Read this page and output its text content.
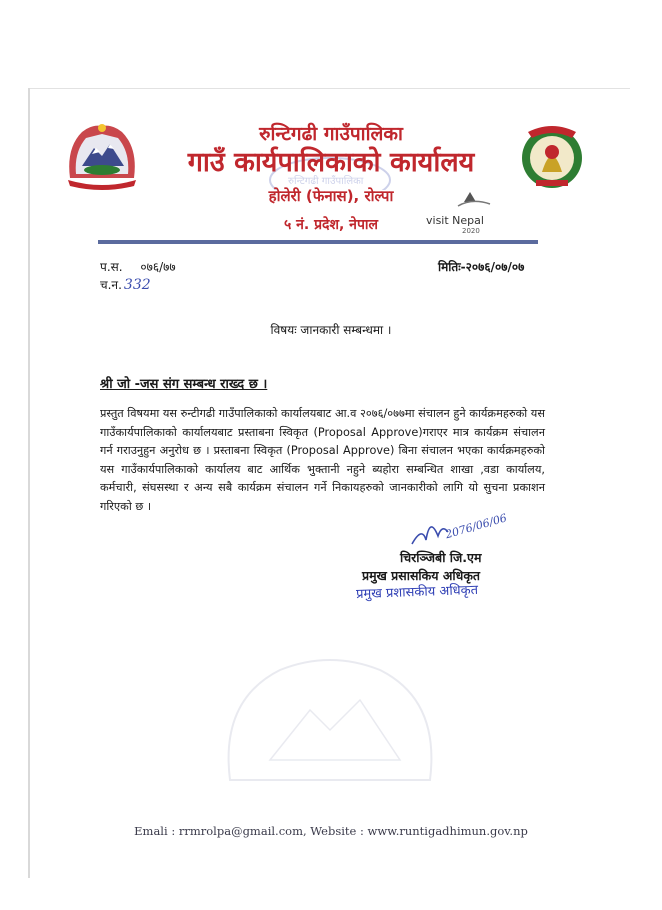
रुन्टिगढी गाउँपालिका
रुन्टिगढी गाउँपालिका
गाउँ कार्यपालिकाको कार्यालय
होलेरी (फेनास), रोल्पा
५ नं. प्रदेश, नेपाल	visit Nepal
2020
प.स. ०७६/७७
च.न. 332
मितिः-२०७६/०७/०७
विषयः जानकारी सम्बन्धमा ।
श्री जो -जस संग सम्बन्ध राख्द छ ।
प्रस्तुत विषयमा यस रुन्टीगढी गाउँपालिकाको कार्यालयबाट आ.व २०७६/०७७मा संचालन हुने कार्यक्रमहरुको यस गाउँकार्यपालिकाको कार्यालयबाट प्रस्ताबना स्विकृत (Proposal Approve)गराएर मात्र कार्यक्रम संचालन गर्न गराउनुहुन अनुरोध छ । प्रस्ताबना स्विकृत (Proposal Approve) बिना संचालन भएका कार्यक्रमहरुको यस गाउँकार्यपालिकाको कार्यालय बाट आर्थिक भुक्तानी नहुने ब्यहोरा सम्बन्धित शाखा ,वडा कार्यालय, कर्मचारी, संघसस्था र अन्य सबै कार्यक्रम संचालन गर्ने निकायहरुको जानकारीको लागि यो सुचना प्रकाशन गरिएको छ ।
2076/06/06
चिरञ्जिबी जि.एम
प्रमुख प्रसासकिय अधिकृत
प्रमुख प्रशासकीय अधिकृत
Emali : rrmrolpa@gmail.com, Website : www.runtigadhimun.gov.np
